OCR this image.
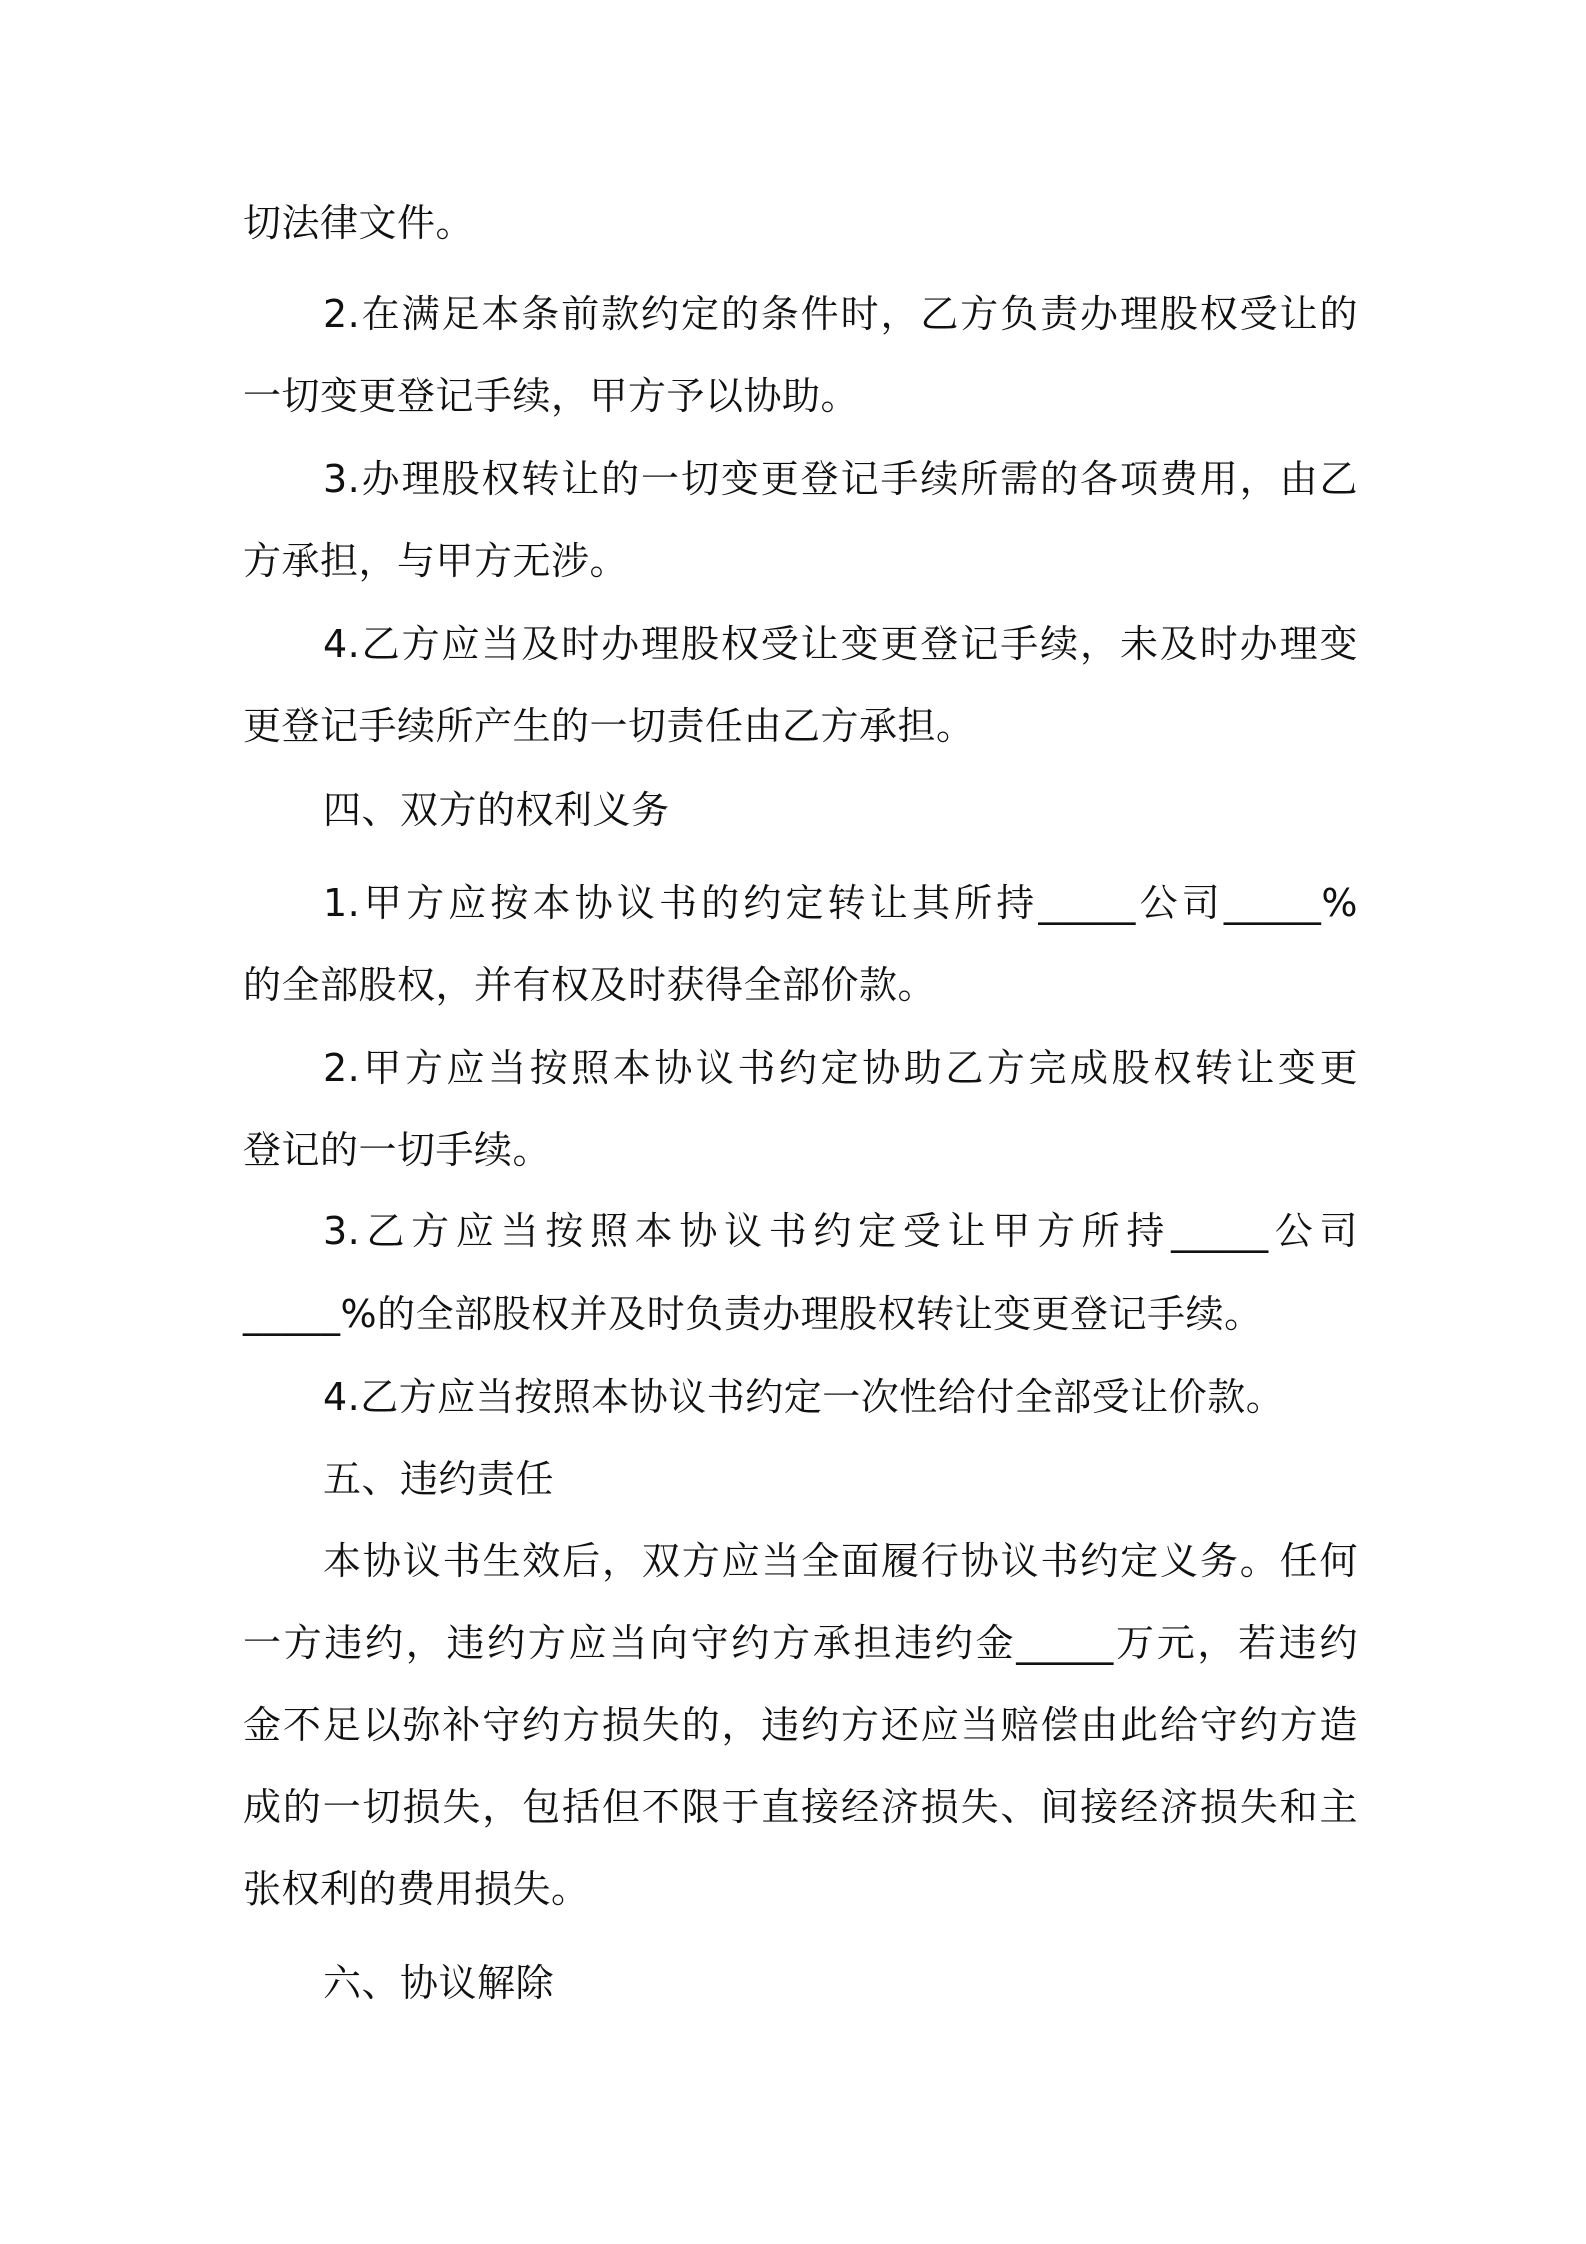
切法律文件。
2.在满足本条前款约定的条件时，乙方负责办理股权受让的
一切变更登记手续，甲方予以协助。
3.办理股权转让的一切变更登记手续所需的各项费用，由乙
方承担，与甲方无涉。
4.乙方应当及时办理股权受让变更登记手续，未及时办理变
更登记手续所产生的一切责任由乙方承担。
四、双方的权利义务
1.甲方应按本协议书的约定转让其所持_____公司_____%
的全部股权，并有权及时获得全部价款。
2.甲方应当按照本协议书约定协助乙方完成股权转让变更
登记的一切手续。
3.乙方应当按照本协议书约定受让甲方所持_____公司
_____%的全部股权并及时负责办理股权转让变更登记手续。
4.乙方应当按照本协议书约定一次性给付全部受让价款。
五、违约责任
本协议书生效后，双方应当全面履行协议书约定义务。任何
一方违约，违约方应当向守约方承担违约金_____万元，若违约
金不足以弥补守约方损失的，违约方还应当赔偿由此给守约方造
成的一切损失，包括但不限于直接经济损失、间接经济损失和主
张权利的费用损失。
六、协议解除
